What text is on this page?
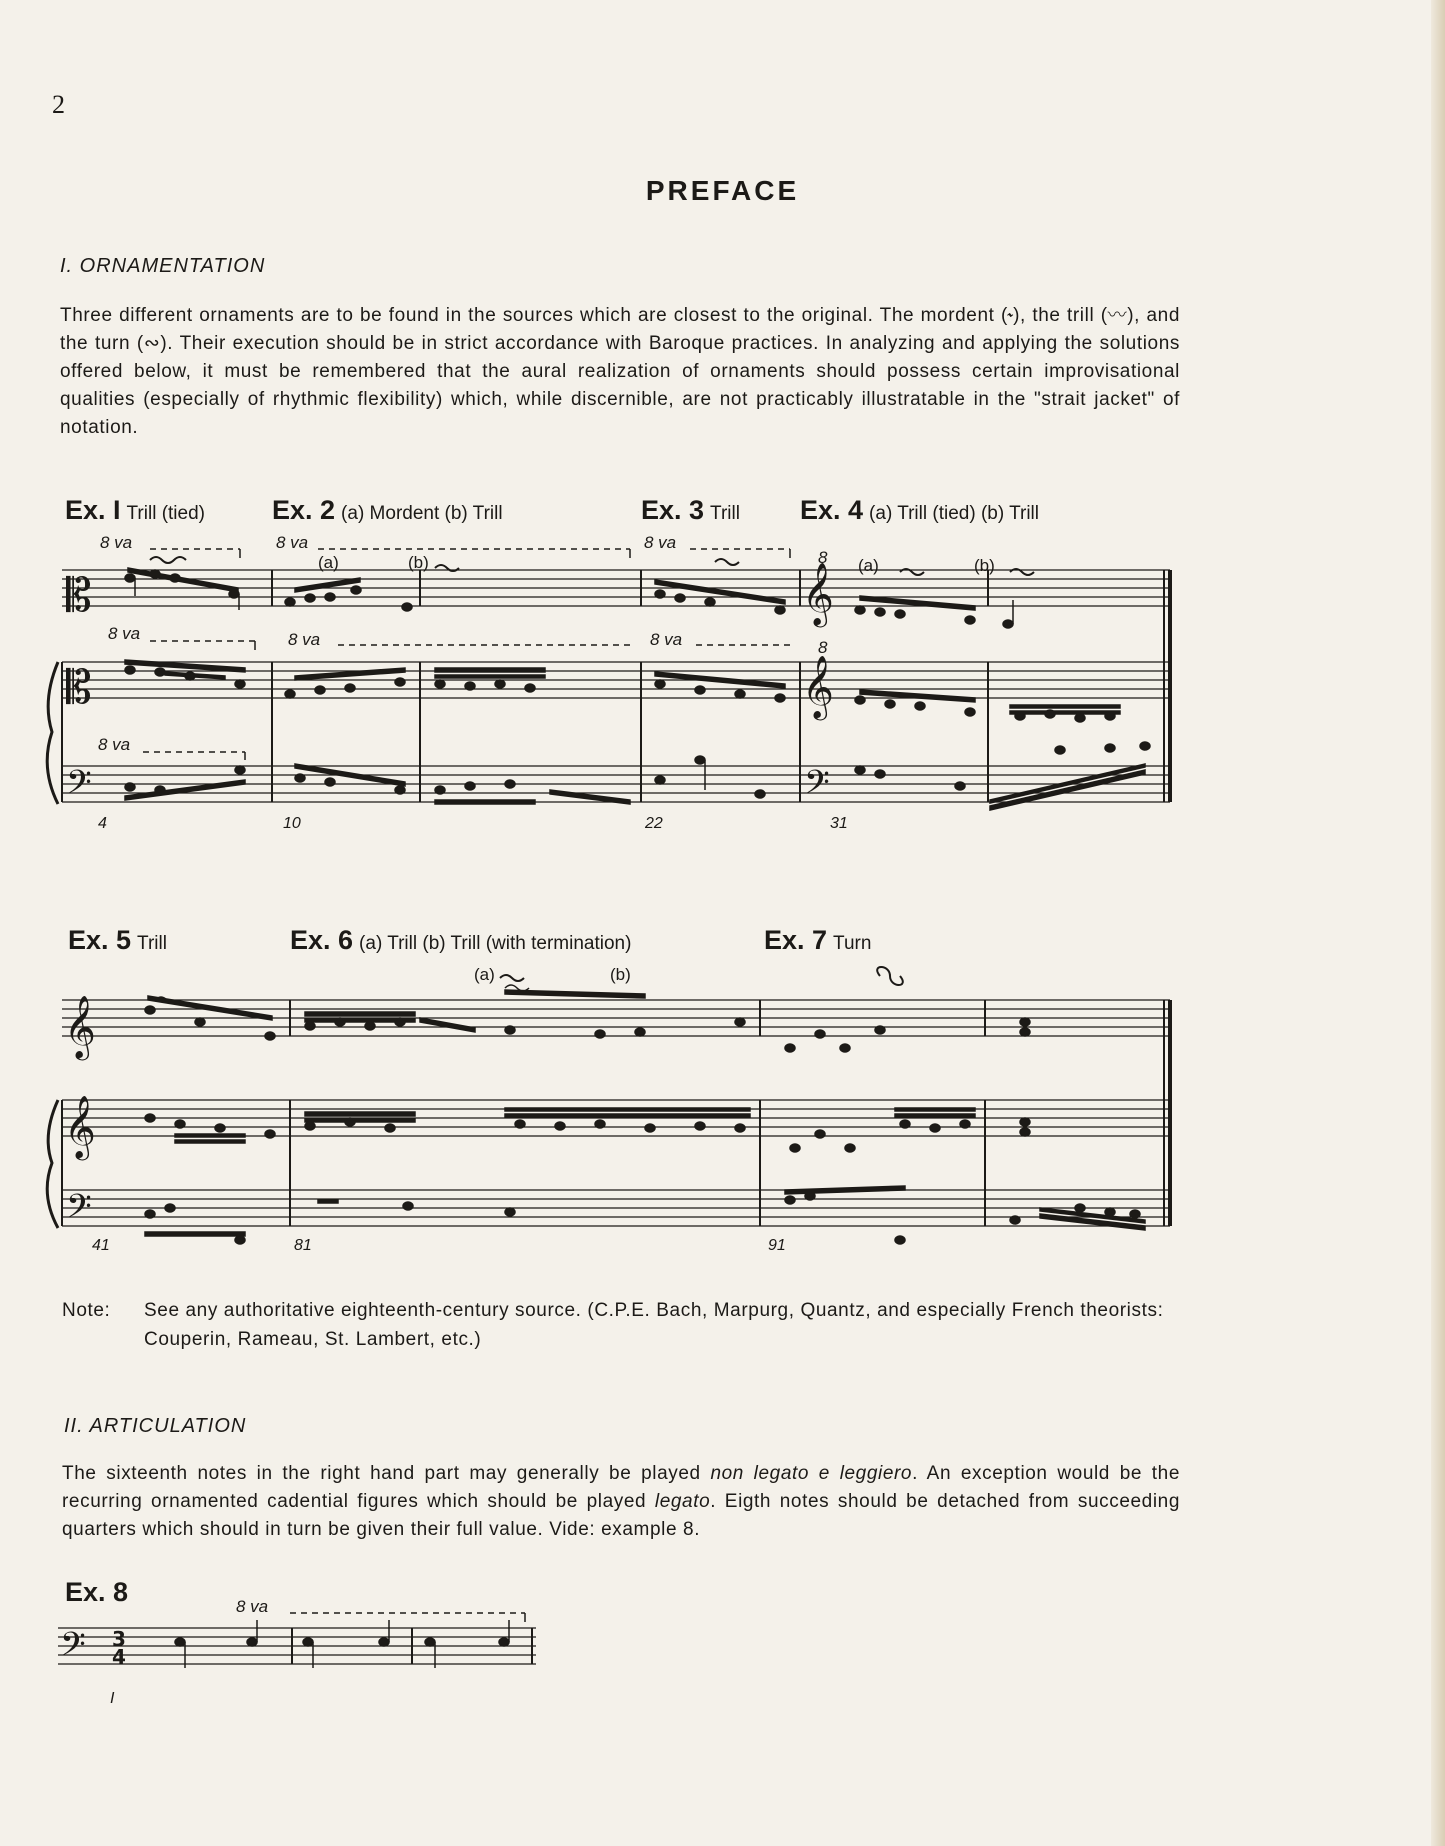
2
PREFACE
I. ORNAMENTATION
Three different ornaments are to be found in the sources which are closest to the original. The mordent (𝆝), the trill (〰), and the turn (∾). Their execution should be in strict accordance with Baroque practices. In analyzing and applying the solutions offered below, it must be remembered that the aural realization of ornaments should possess certain improvisational qualities (especially of rhythmic flexibility) which, while discernible, are not practicably illustratable in the "strait jacket" of notation.
Ex. I Trill (tied) Ex. 2 (a) Mordent (b) Trill	Ex. 3 Trill Ex. 4 (a) Trill (tied) (b) Trill
8 va	8 va	8 va
8 va	8 va	8 va
8 va
8
8
(a)	(b)	(a)	(b)
4	10	22	31
Ex. 5 Trill	Ex. 6 (a) Trill (b) Trill (with termination)	Ex. 7 Turn
(a)	(b)
41	81	91
Note: See any authoritative eighteenth-century source. (C.P.E. Bach, Marpurg, Quantz, and especially French theorists: Couperin, Rameau, St. Lambert, etc.)
II. ARTICULATION
The sixteenth notes in the right hand part may generally be played non legato e leggiero. An exception would be the recurring ornamented cadential figures which should be played legato. Eigth notes should be detached from succeeding quarters which should in turn be given their full value. Vide: example 8.
Ex. 8	8 va
I
𝄡
𝄡
𝄢
𝄞
𝄞
𝄢
𝄞
𝄞
𝄢
𝄢 3
4
